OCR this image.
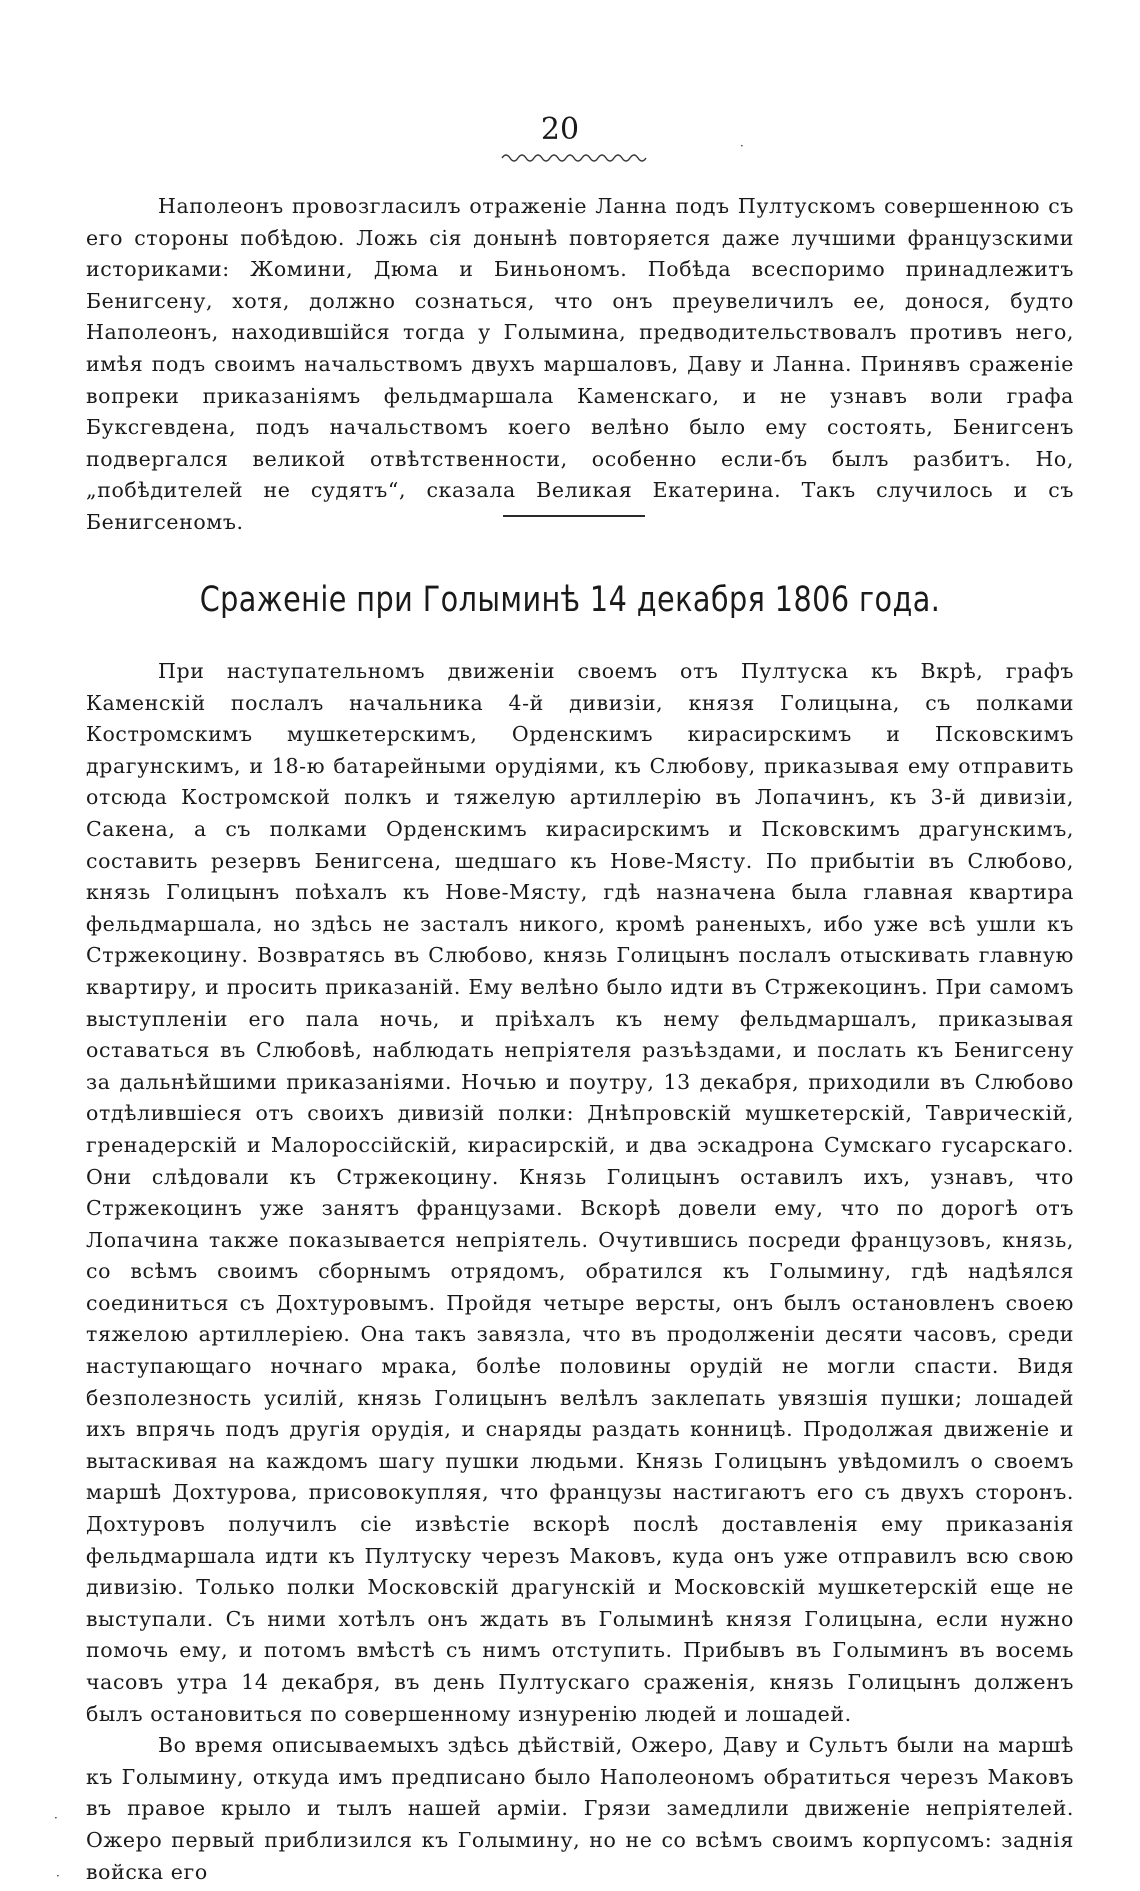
20

Наполеонъ провозгласилъ отраженіе Ланна подъ Пултускомъ совершенною съ его стороны побѣдою. Ложь сія донынѣ повторяется даже лучшими французскими историками: Жомини, Дюма и Биньономъ. Побѣда всеспоримо принадлежитъ Бенигсену, хотя, должно сознаться, что онъ преувеличилъ ее, донося, будто Наполеонъ, находившійся тогда у Голымина, предводительствовалъ противъ него, имѣя подъ своимъ начальствомъ двухъ маршаловъ, Даву и Ланна. Принявъ сраженіе вопреки приказаніямъ фельдмаршала Каменскаго, и не узнавъ воли графа Буксгевдена, подъ начальствомъ коего велѣно было ему состоять, Бенигсенъ подвергался великой отвѣтственности, особенно если-бъ былъ разбитъ. Но, „побѣдителей не судятъ“, сказала Великая Екатерина. Такъ случилось и съ Бенигсеномъ.

Сраженіе при Голыминѣ 14 декабря 1806 года.

При наступательномъ движеніи своемъ отъ Пултуска къ Вкрѣ, графъ Каменскій послалъ начальника 4-й дивизіи, князя Голицына, съ полками Костромскимъ мушкетерскимъ, Орденскимъ кирасирскимъ и Псковскимъ драгунскимъ, и 18-ю батарейными орудіями, къ Слюбову, приказывая ему отправить отсюда Костромской полкъ и тяжелую артиллерію въ Лопачинъ, къ 3-й дивизіи, Сакена, а съ полками Орденскимъ кирасирскимъ и Псковскимъ драгунскимъ, составить резервъ Бенигсена, шедшаго къ Нове-Мясту. По прибытіи въ Слюбово, князь Голицынъ поѣхалъ къ Нове-Мясту, гдѣ назначена была главная квартира фельдмаршала, но здѣсь не засталъ никого, кромѣ раненыхъ, ибо уже всѣ ушли къ Стржекоцину. Возвратясь въ Слюбово, князь Голицынъ послалъ отыскивать главную квартиру, и просить приказаній. Ему велѣно было идти въ Стржекоцинъ. При самомъ выступленіи его пала ночь, и пріѣхалъ къ нему фельдмаршалъ, приказывая оставаться въ Слюбовѣ, наблюдать непріятеля разъѣздами, и послать къ Бенигсену за дальнѣйшими приказаніями. Ночью и поутру, 13 декабря, приходили въ Слюбово отдѣлившіеся отъ своихъ дивизій полки: Днѣпровскій мушкетерскій, Таврическій, гренадерскій и Малороссійскій, кирасирскій, и два эскадрона Сумскаго гусарскаго. Они слѣдовали къ Стржекоцину. Князь Голицынъ оставилъ ихъ, узнавъ, что Стржекоцинъ уже занятъ французами. Вскорѣ довели ему, что по дорогѣ отъ Лопачина также показывается непріятель. Очутившись посреди французовъ, князь, со всѣмъ своимъ сборнымъ отрядомъ, обратился къ Голымину, гдѣ надѣялся соединиться съ Дохтуровымъ. Пройдя четыре версты, онъ былъ остановленъ своею тяжелою артиллеріею. Она такъ завязла, что въ продолженіи десяти часовъ, среди наступающаго ночнаго мрака, болѣе половины орудій не могли спасти. Видя безполезность усилій, князь Голицынъ велѣлъ заклепать увязшія пушки; лошадей ихъ впрячь подъ другія орудія, и снаряды раздать конницѣ. Продолжая движеніе и вытаскивая на каждомъ шагу пушки людьми. Князь Голицынъ увѣдомилъ о своемъ маршѣ Дохтурова, присовокупляя, что французы настигаютъ его съ двухъ сторонъ. Дохтуровъ получилъ сіе извѣстіе вскорѣ послѣ доставленія ему приказанія фельдмаршала идти къ Пултуску черезъ Маковъ, куда онъ уже отправилъ всю свою дивизію. Только полки Московскій драгунскій и Московскій мушкетерскій еще не выступали. Съ ними хотѣлъ онъ ждать въ Голыминѣ князя Голицына, если нужно помочь ему, и потомъ вмѣстѣ съ нимъ отступить. Прибывъ въ Голыминъ въ восемь часовъ утра 14 декабря, въ день Пултускаго сраженія, князь Голицынъ долженъ былъ остановиться по совершенному изнуренію людей и лошадей.

Во время описываемыхъ здѣсь дѣйствій, Ожеро, Даву и Сультъ были на маршѣ къ Голымину, откуда имъ предписано было Наполеономъ обратиться черезъ Маковъ въ правое крыло и тылъ нашей арміи. Грязи замедлили движеніе непріятелей. Ожеро первый приблизился къ Голымину, но не со всѣмъ своимъ корпусомъ: заднія войска его

·
·
·
